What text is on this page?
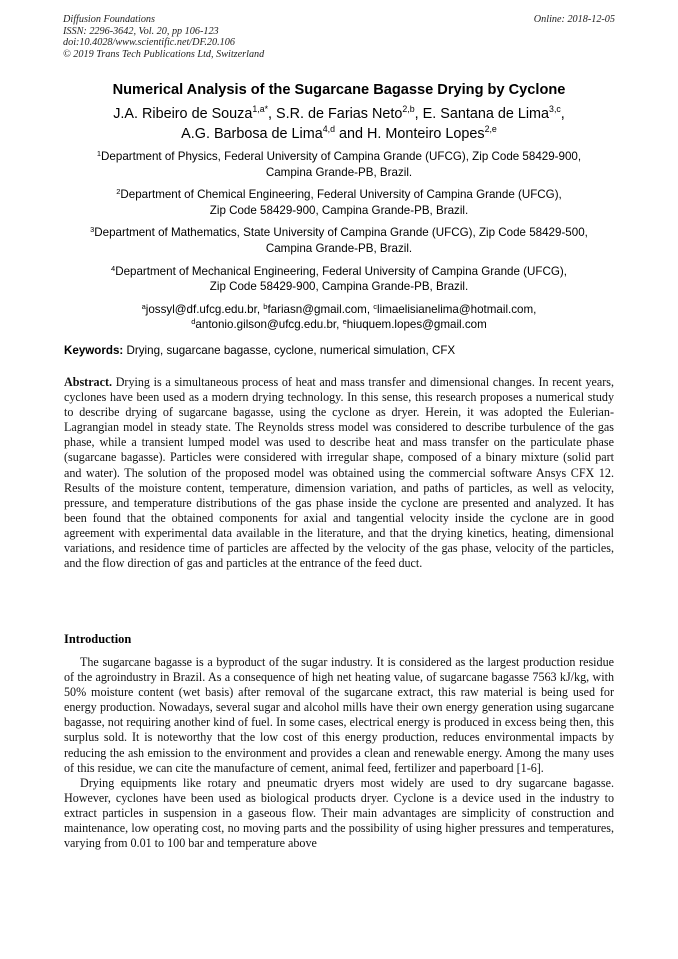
Diffusion Foundations
ISSN: 2296-3642, Vol. 20, pp 106-123
doi:10.4028/www.scientific.net/DF.20.106
© 2019 Trans Tech Publications Ltd, Switzerland
Online: 2018-12-05
Numerical Analysis of the Sugarcane Bagasse Drying by Cyclone
J.A. Ribeiro de Souza$^{1,a*}$, S.R. de Farias Neto$^{2,b}$, E. Santana de Lima$^{3,c}$,
A.G. Barbosa de Lima$^{4,d}$ and H. Monteiro Lopes$^{2,e}$
$^1$Department of Physics, Federal University of Campina Grande (UFCG), Zip Code 58429-900,
Campina Grande-PB, Brazil.
$^2$Department of Chemical Engineering, Federal University of Campina Grande (UFCG),
Zip Code 58429-900, Campina Grande-PB, Brazil.
$^3$Department of Mathematics, State University of Campina Grande (UFCG), Zip Code 58429-500,
Campina Grande-PB, Brazil.
$^4$Department of Mechanical Engineering, Federal University of Campina Grande (UFCG),
Zip Code 58429-900, Campina Grande-PB, Brazil.
$^a$jossyl@df.ufcg.edu.br, $^b$fariasn@gmail.com, $^c$limaelisianelima@hotmail.com,
$^d$antonio.gilson@ufcg.edu.br, $^e$hiuquem.lopes@gmail.com
Keywords: Drying, sugarcane bagasse, cyclone, numerical simulation, CFX
Abstract. Drying is a simultaneous process of heat and mass transfer and dimensional changes. In recent years, cyclones have been used as a modern drying technology. In this sense, this research proposes a numerical study to describe drying of sugarcane bagasse, using the cyclone as dryer. Herein, it was adopted the Eulerian-Lagrangian model in steady state. The Reynolds stress model was considered to describe turbulence of the gas phase, while a transient lumped model was used to describe heat and mass transfer on the particulate phase (sugarcane bagasse). Particles were considered with irregular shape, composed of a binary mixture (solid part and water). The solution of the proposed model was obtained using the commercial software Ansys CFX 12. Results of the moisture content, temperature, dimension variation, and paths of particles, as well as velocity, pressure, and temperature distributions of the gas phase inside the cyclone are presented and analyzed. It has been found that the obtained components for axial and tangential velocity inside the cyclone are in good agreement with experimental data available in the literature, and that the drying kinetics, heating, dimensional variations, and residence time of particles are affected by the velocity of the gas phase, velocity of the particles, and the flow direction of gas and particles at the entrance of the feed duct.
Introduction

The sugarcane bagasse is a byproduct of the sugar industry. It is considered as the largest production residue of the agroindustry in Brazil. As a consequence of high net heating value, of sugarcane bagasse 7563 kJ/kg, with 50% moisture content (wet basis) after removal of the sugarcane extract, this raw material is being used for energy production. Nowadays, several sugar and alcohol mills have their own energy generation using sugarcane bagasse, not requiring another kind of fuel. In some cases, electrical energy is produced in excess being then, this surplus sold. It is noteworthy that the low cost of this energy production, reduces environmental impacts by reducing the ash emission to the environment and provides a clean and renewable energy. Among the many uses of this residue, we can cite the manufacture of cement, animal feed, fertilizer and paperboard [1-6].

Drying equipments like rotary and pneumatic dryers most widely are used to dry sugarcane bagasse. However, cyclones have been used as biological products dryer. Cyclone is a device used in the industry to extract particles in suspension in a gaseous flow. Their main advantages are simplicity of construction and maintenance, low operating cost, no moving parts and the possibility of using higher pressures and temperatures, varying from 0.01 to 100 bar and temperature above
